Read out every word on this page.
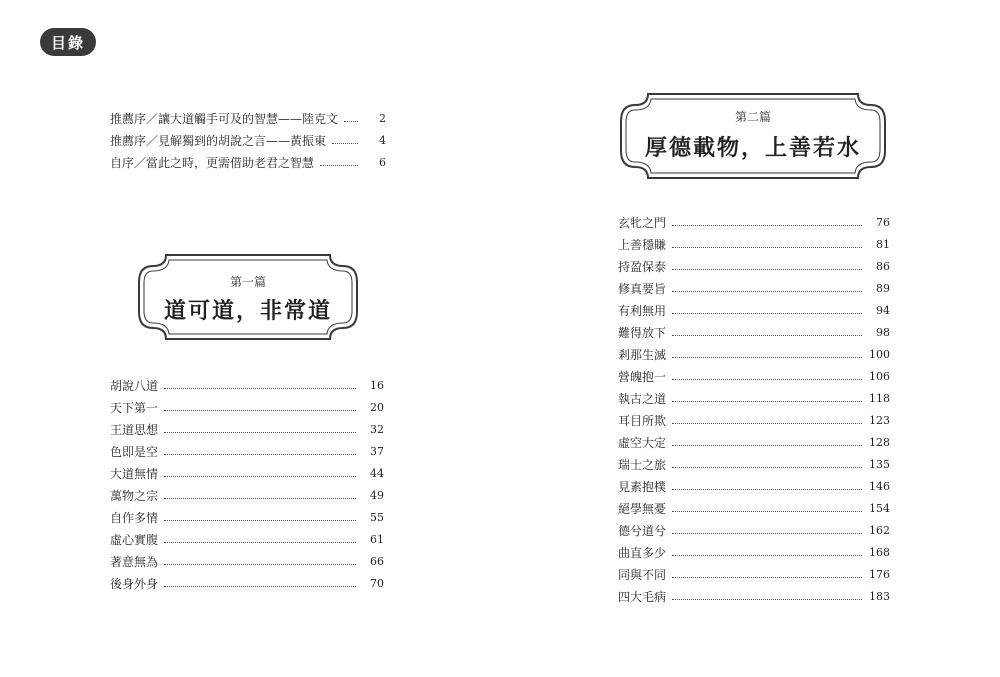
目錄
推薦序／讓大道觸手可及的智慧——陸克文	2
推薦序／見解獨到的胡說之言——黃振東	4
自序／當此之時，更需借助老君之智慧	6
第一篇
道可道，非常道
胡說八道	16
天下第一	20
王道思想	32
色即是空	37
大道無情	44
萬物之宗	49
自作多情	55
虛心實腹	61
著意無為	66
後身外身	70
第二篇
厚德載物，上善若水
玄牝之門	76
上善穩賺	81
持盈保泰	86
修真要旨	89
有利無用	94
難得放下	98
剎那生滅	100
營魄抱一	106
執古之道	118
耳目所欺	123
虛空大定	128
瑞士之旅	135
見素抱樸	146
絕學無憂	154
德兮道兮	162
曲直多少	168
同與不同	176
四大毛病	183
